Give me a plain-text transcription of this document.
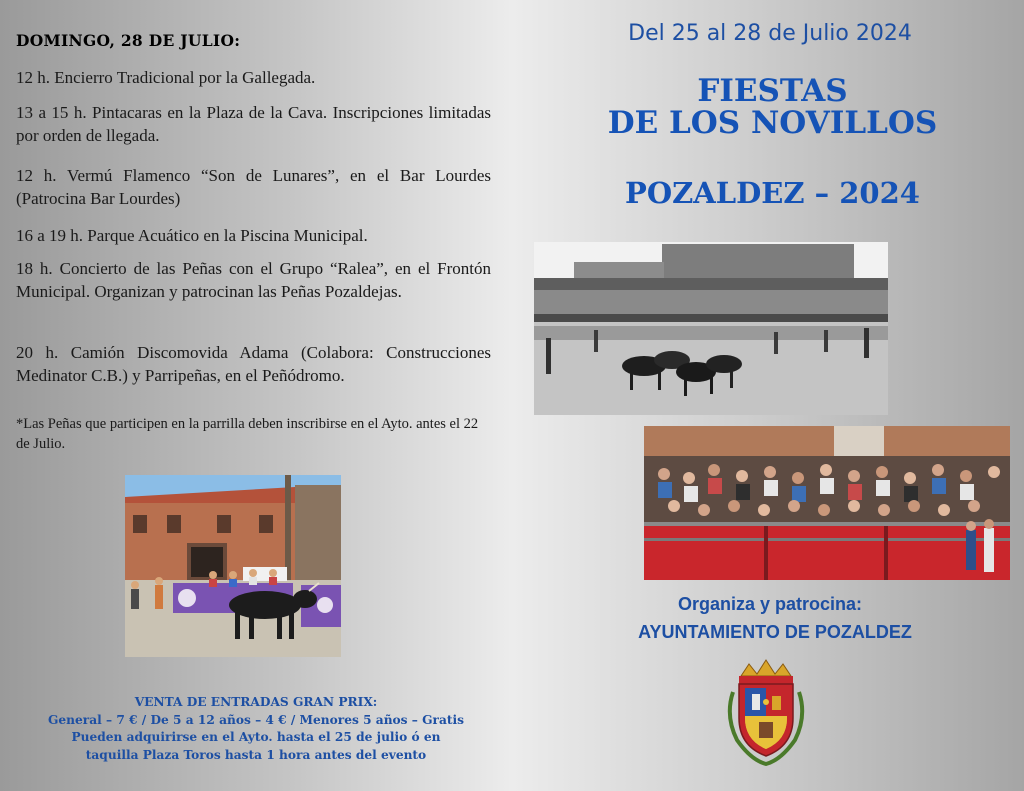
DOMINGO, 28 DE JULIO:
12 h. Encierro Tradicional por la Gallegada.
13 a 15 h. Pintacaras en la Plaza de la Cava. Inscripciones limitadas por orden de llegada.
12 h. Vermú Flamenco “Son de Lunares”, en el Bar Lourdes (Patrocina Bar Lourdes)
16 a 19 h. Parque Acuático en la Piscina Municipal.
18 h. Concierto de las Peñas con el Grupo “Ralea”, en el Frontón Municipal. Organizan y patrocinan las Peñas Pozaldejas.
20 h. Camión Discomovida Adama (Colabora: Construcciones Medinator C.B.) y Parripeñas, en el Peñódromo.
*Las Peñas que participen en la parrilla deben inscribirse en el Ayto. antes el 22 de Julio.
VENTA DE ENTRADAS GRAN PRIX:
General – 7 € / De 5 a 12 años – 4 € / Menores 5 años – Gratis
Pueden adquirirse en el Ayto. hasta el 25 de julio ó en
taquilla Plaza Toros hasta 1 hora antes del evento
Del 25 al 28 de Julio 2024
FIESTAS
DE LOS NOVILLOS
POZALDEZ – 2024
Organiza y patrocina:
AYUNTAMIENTO DE POZALDEZ
